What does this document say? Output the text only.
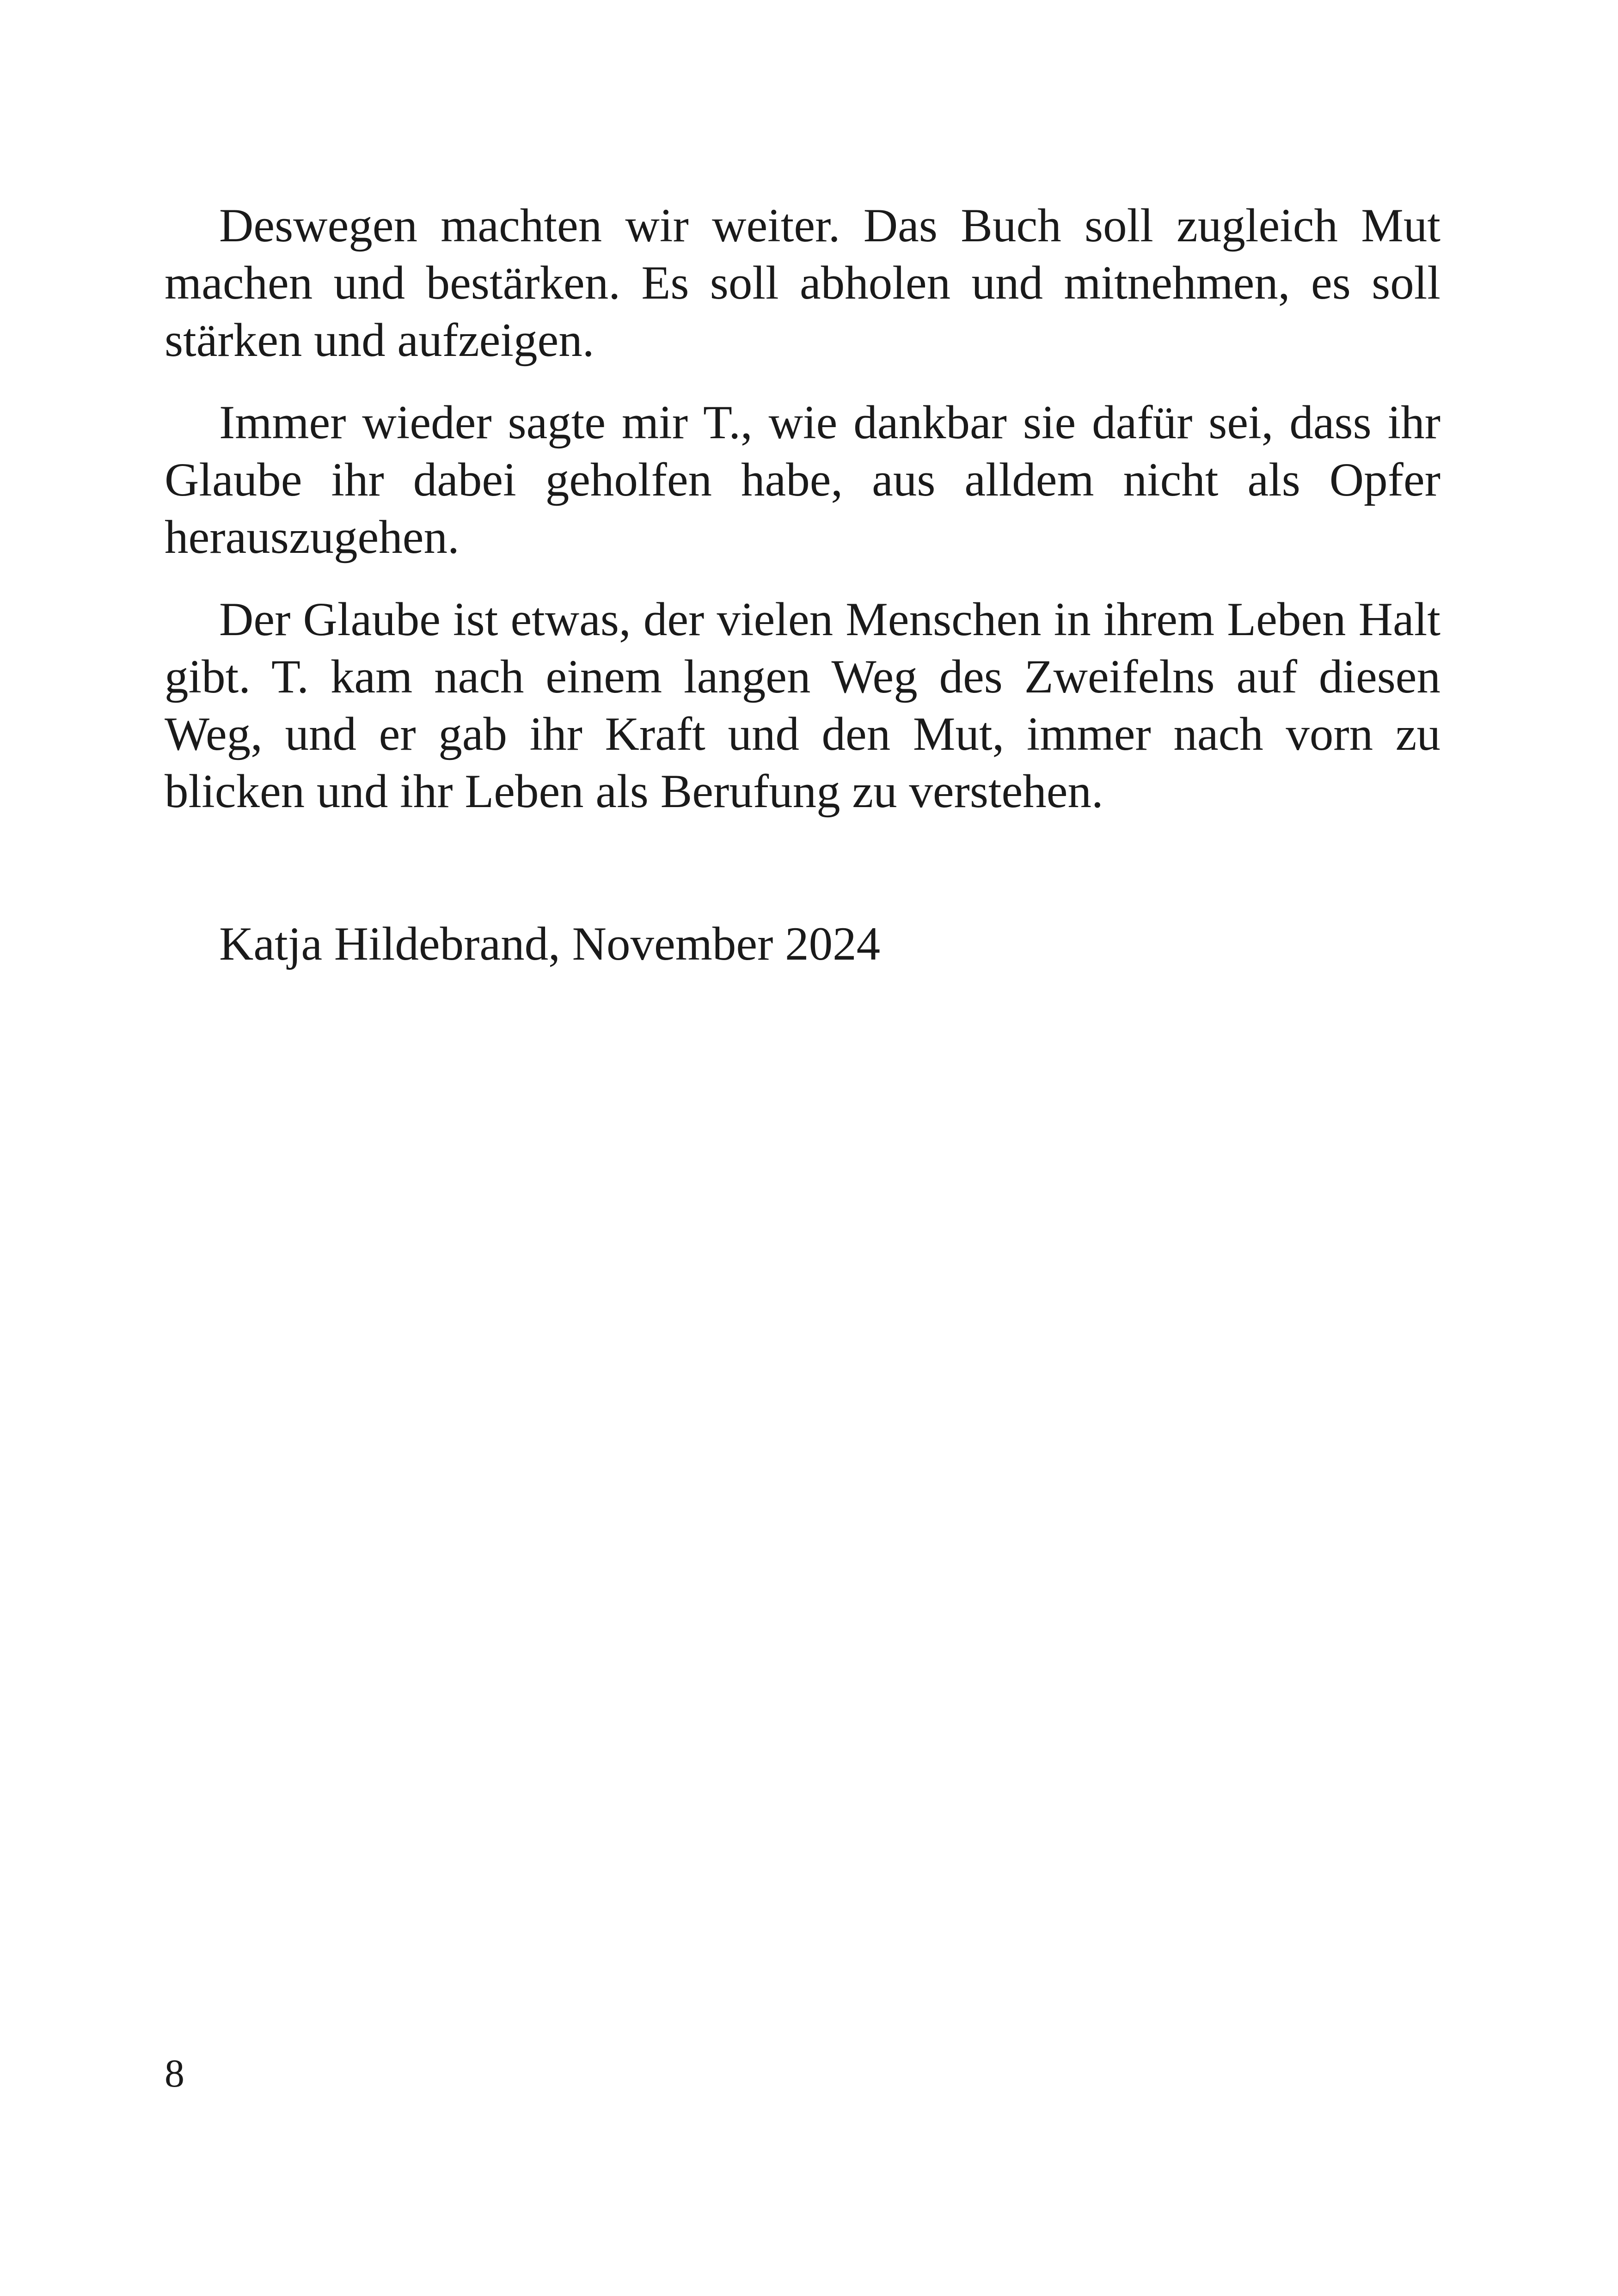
Deswegen machten wir weiter. Das Buch soll zugleich Mut machen und bestärken. Es soll abholen und mitnehmen, es soll stärken und aufzeigen.

Immer wieder sagte mir T., wie dankbar sie dafür sei, dass ihr Glaube ihr dabei geholfen habe, aus alldem nicht als Opfer herauszugehen.

Der Glaube ist etwas, der vielen Menschen in ihrem Leben Halt gibt. T. kam nach einem langen Weg des Zweifelns auf diesen Weg, und er gab ihr Kraft und den Mut, immer nach vorn zu blicken und ihr Leben als Berufung zu verstehen.

Katja Hildebrand, November 2024
8
